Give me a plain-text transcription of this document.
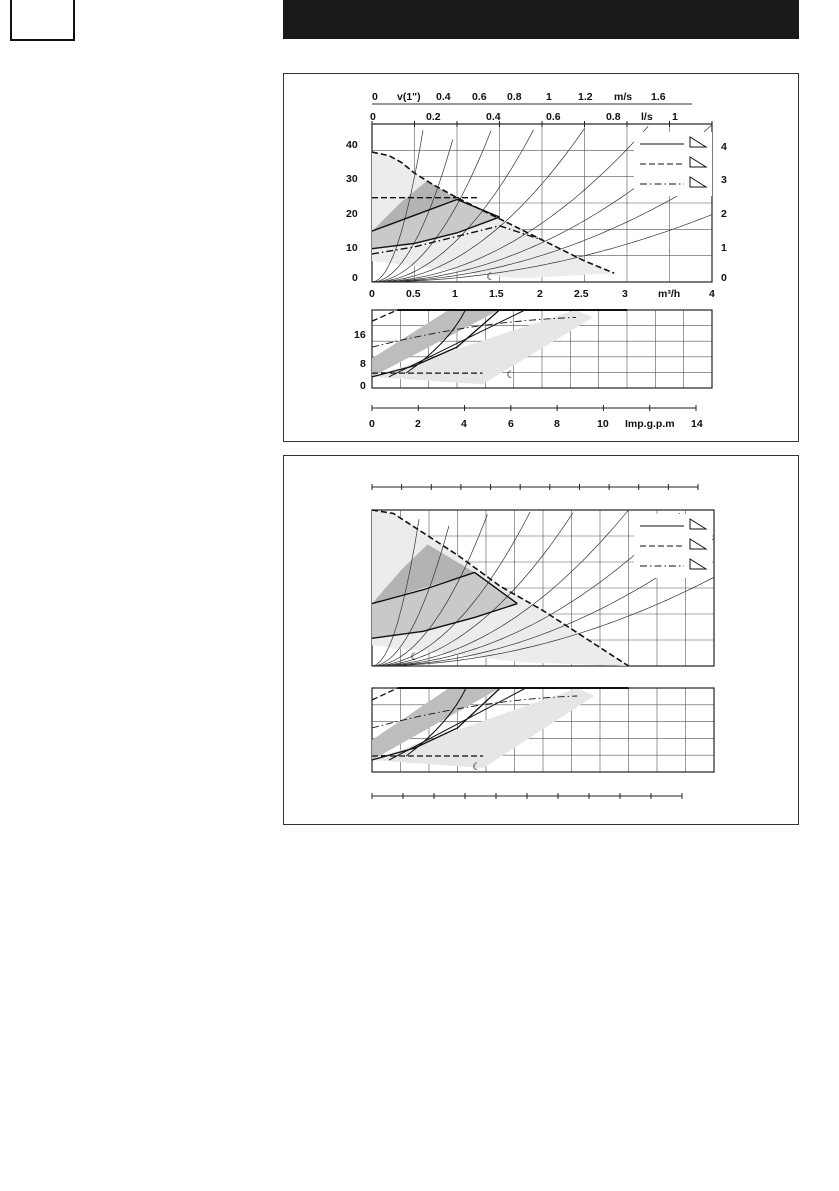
0 v(1") 0.4 0.6 0.8 1 1.2 m/s 1.6
0	0.2	0.4	0.6	0.8 l/s 1
0
10
20
30
40
0
1
2
3
4
0	0.5	1	1.5	2	2.5	3	m³/h	4
0
8
16
0	2	4	6	8	10 Imp.g.p.m 14
☾
☾
☾
☾
